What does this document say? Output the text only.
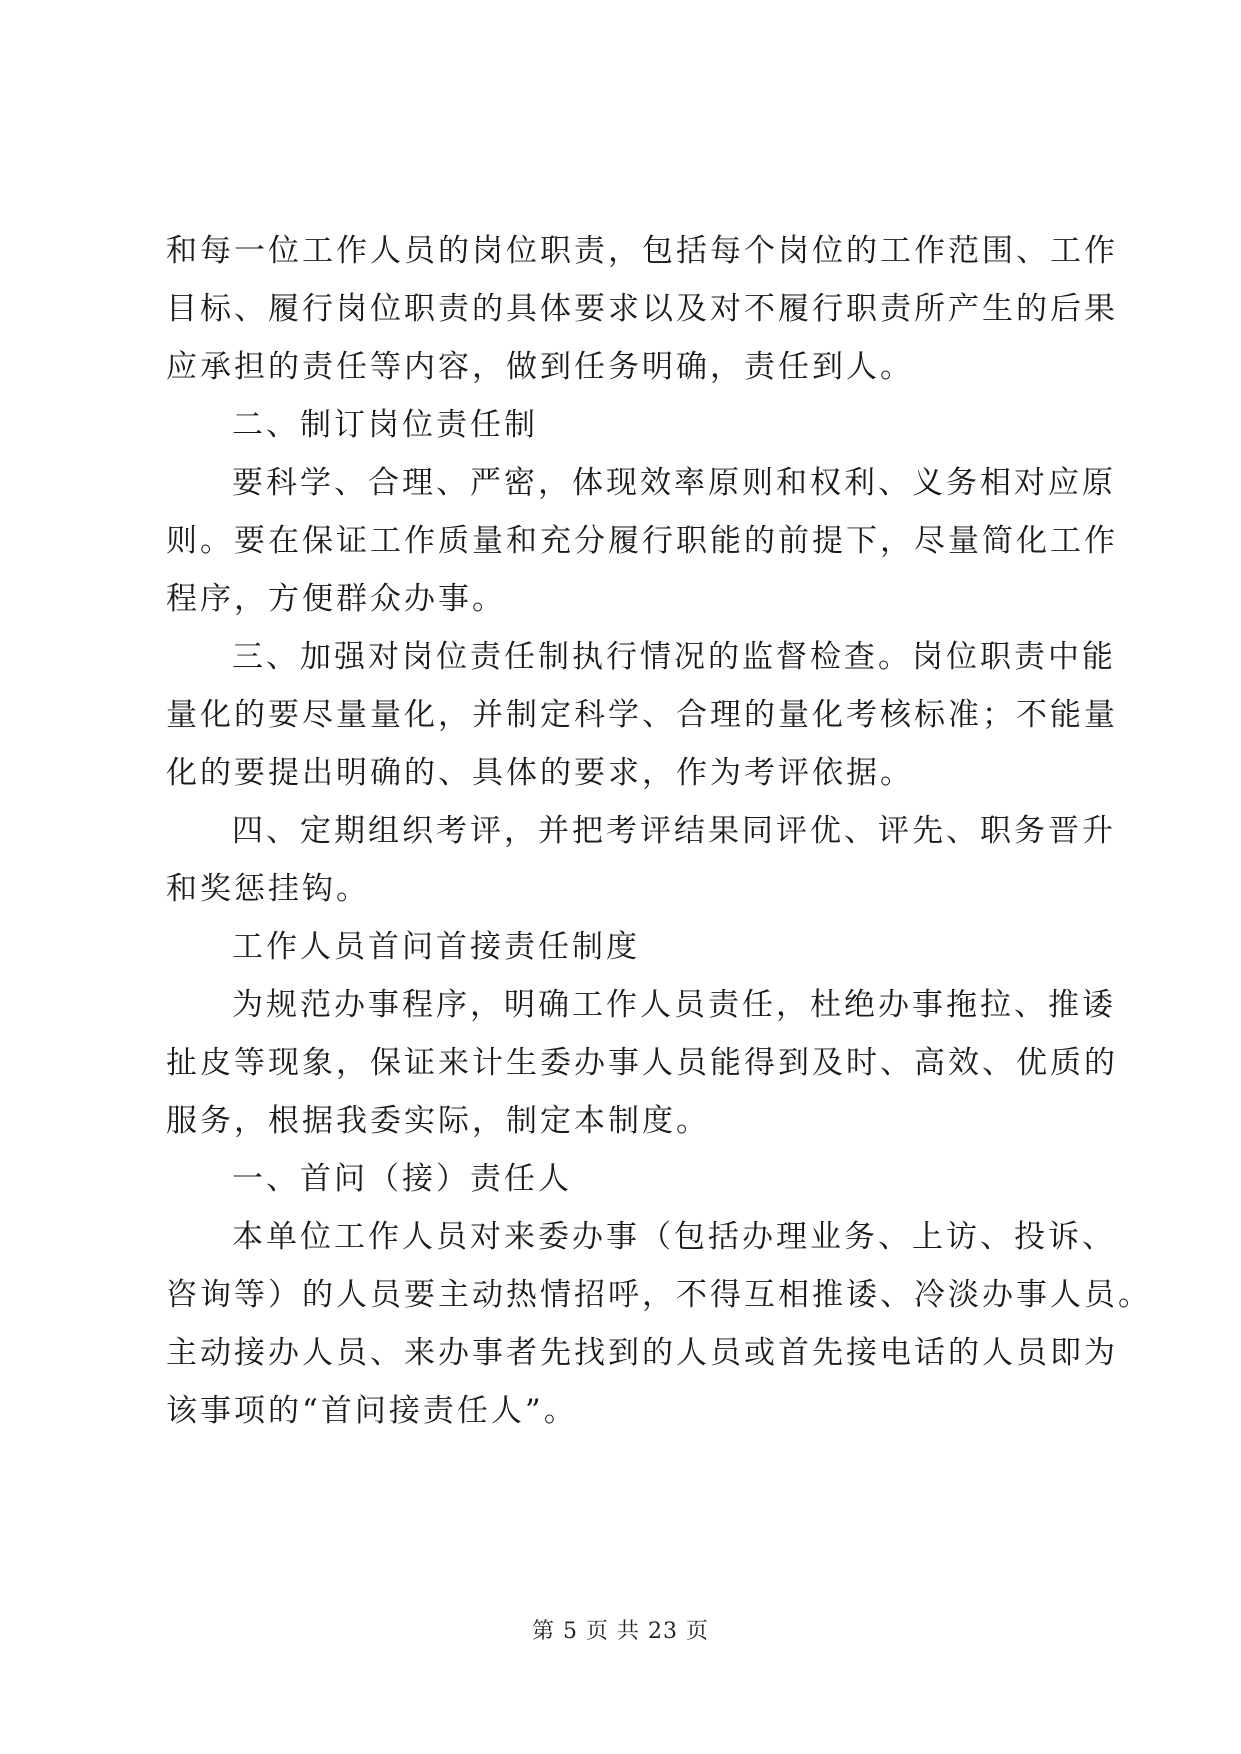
和每一位工作人员的岗位职责，包括每个岗位的工作范围、工作
目标、履行岗位职责的具体要求以及对不履行职责所产生的后果
应承担的责任等内容，做到任务明确，责任到人。
二、制订岗位责任制
要科学、合理、严密，体现效率原则和权利、义务相对应原
则。要在保证工作质量和充分履行职能的前提下，尽量简化工作
程序，方便群众办事。
三、加强对岗位责任制执行情况的监督检查。岗位职责中能
量化的要尽量量化，并制定科学、合理的量化考核标准；不能量
化的要提出明确的、具体的要求，作为考评依据。
四、定期组织考评，并把考评结果同评优、评先、职务晋升
和奖惩挂钩。
工作人员首问首接责任制度
为规范办事程序，明确工作人员责任，杜绝办事拖拉、推诿
扯皮等现象，保证来计生委办事人员能得到及时、高效、优质的
服务，根据我委实际，制定本制度。
一、首问（接）责任人
本单位工作人员对来委办事（包括办理业务、上访、投诉、
咨询等）的人员要主动热情招呼，不得互相推诿、冷淡办事人员。
主动接办人员、来办事者先找到的人员或首先接电话的人员即为
该事项的“首问接责任人”。
第 5 页 共 23 页
